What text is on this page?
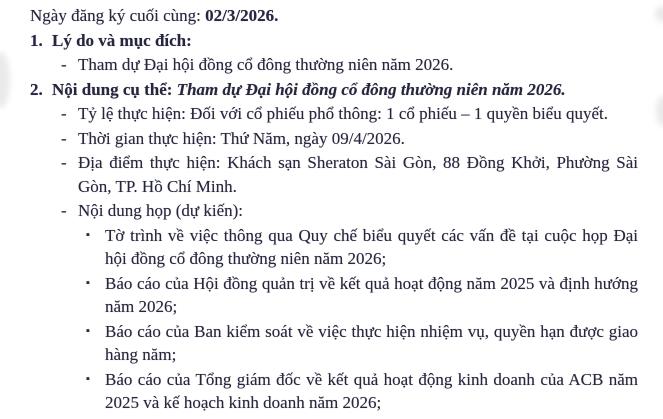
Ngày đăng ký cuối cùng: 02/3/2026.
1. Lý do và mục đích:
- Tham dự Đại hội đồng cổ đông thường niên năm 2026.
2. Nội dung cụ thể: Tham dự Đại hội đồng cổ đông thường niên năm 2026.
- Tỷ lệ thực hiện: Đối với cổ phiếu phổ thông: 1 cổ phiếu – 1 quyền biểu quyết.
- Thời gian thực hiện: Thứ Năm, ngày 09/4/2026.
- Địa điểm thực hiện: Khách sạn Sheraton Sài Gòn, 88 Đồng Khởi, Phường Sài Gòn, TP. Hồ Chí Minh.
- Nội dung họp (dự kiến):
▪ Tờ trình về việc thông qua Quy chế biểu quyết các vấn đề tại cuộc họp Đại hội đồng cổ đông thường niên năm 2026;
▪ Báo cáo của Hội đồng quản trị về kết quả hoạt động năm 2025 và định hướng năm 2026;
▪ Báo cáo của Ban kiểm soát về việc thực hiện nhiệm vụ, quyền hạn được giao hàng năm;
▪ Báo cáo của Tổng giám đốc về kết quả hoạt động kinh doanh của ACB năm 2025 và kế hoạch kinh doanh năm 2026;
